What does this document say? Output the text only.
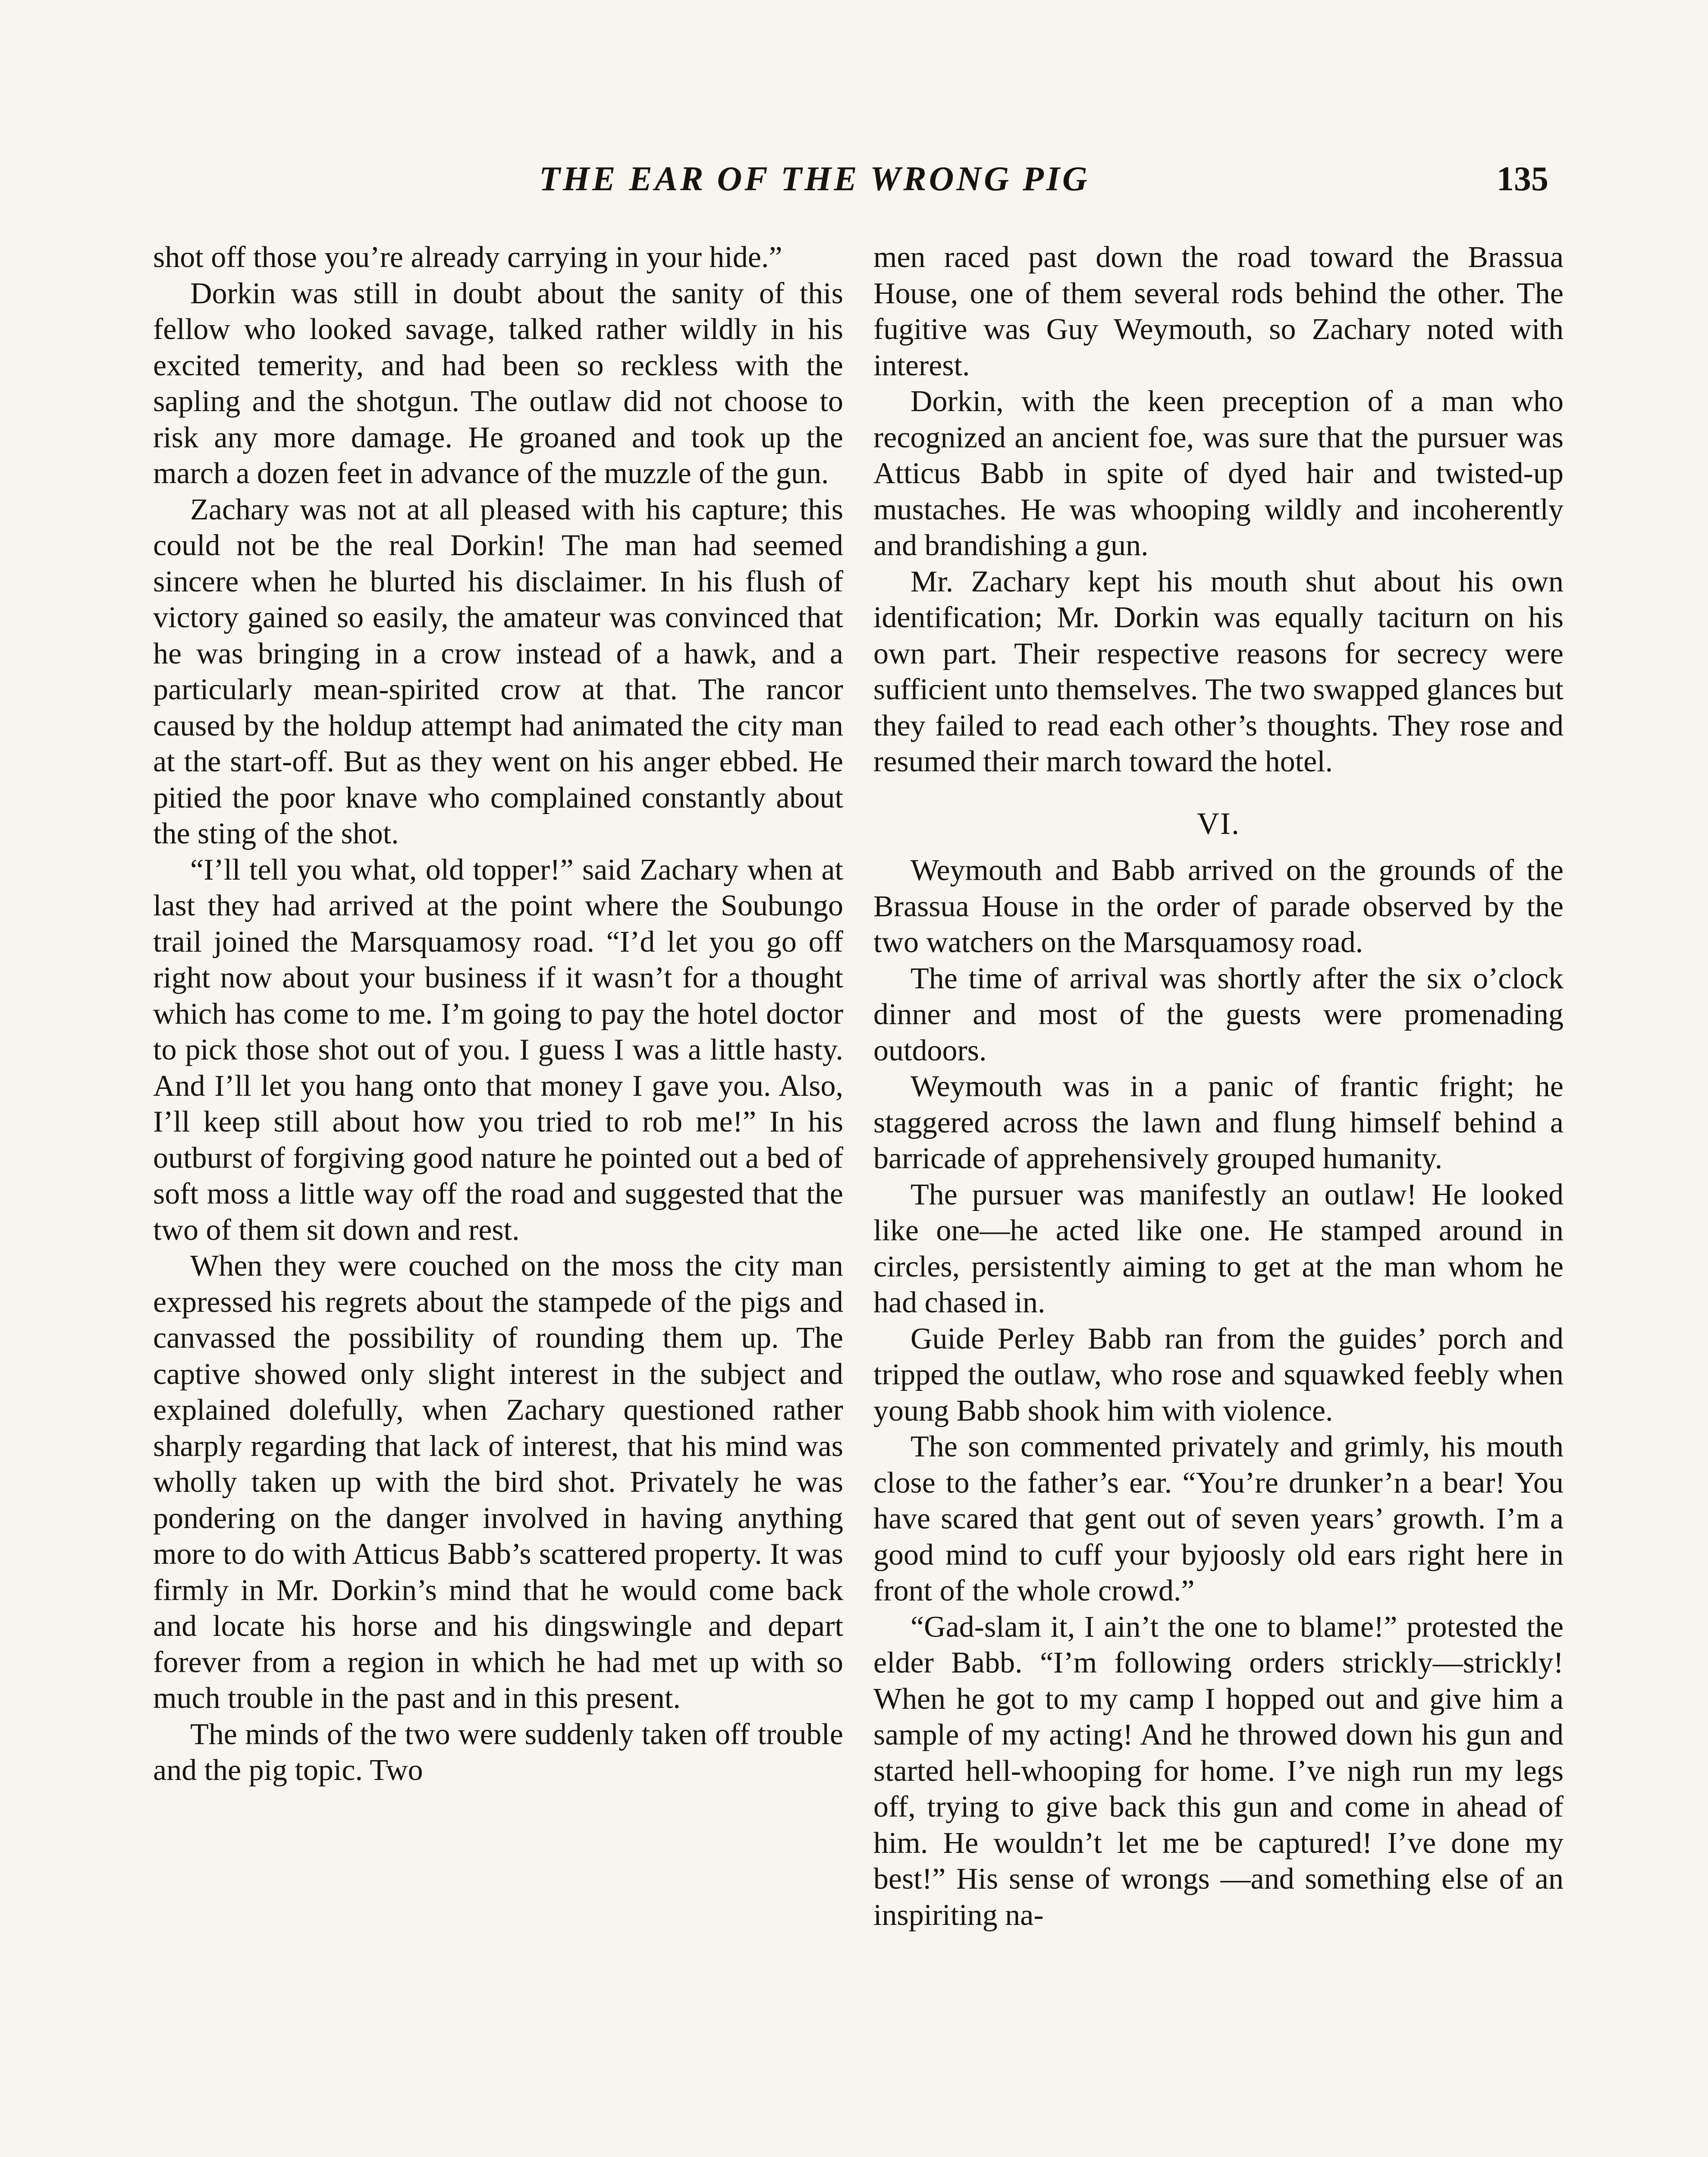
THE EAR OF THE WRONG PIG	135

shot off those you’re already carrying in your hide.”

Dorkin was still in doubt about the sanity of this fellow who looked savage, talked rather wildly in his excited temerity, and had been so reckless with the sapling and the shotgun. The outlaw did not choose to risk any more damage. He groaned and took up the march a dozen feet in advance of the muzzle of the gun.

Zachary was not at all pleased with his capture; this could not be the real Dorkin! The man had seemed sincere when he blurted his disclaimer. In his flush of victory gained so easily, the amateur was convinced that he was bringing in a crow instead of a hawk, and a particularly mean-spirited crow at that. The rancor caused by the holdup attempt had animated the city man at the start-off. But as they went on his anger ebbed. He pitied the poor knave who complained constantly about the sting of the shot.

“I’ll tell you what, old topper!” said Zachary when at last they had arrived at the point where the Soubungo trail joined the Marsquamosy road. “I’d let you go off right now about your business if it wasn’t for a thought which has come to me. I’m going to pay the hotel doctor to pick those shot out of you. I guess I was a little hasty. And I’ll let you hang onto that money I gave you. Also, I’ll keep still about how you tried to rob me!” In his outburst of forgiving good nature he pointed out a bed of soft moss a little way off the road and suggested that the two of them sit down and rest.

When they were couched on the moss the city man expressed his regrets about the stampede of the pigs and canvassed the possibility of rounding them up. The captive showed only slight interest in the subject and explained dolefully, when Zachary questioned rather sharply regarding that lack of interest, that his mind was wholly taken up with the bird shot. Privately he was pondering on the danger involved in having anything more to do with Atticus Babb’s scattered property. It was firmly in Mr. Dorkin’s mind that he would come back and locate his horse and his dingswingle and depart forever from a region in which he had met up with so much trouble in the past and in this present.

The minds of the two were suddenly taken off trouble and the pig topic. Two

men raced past down the road toward the Brassua House, one of them several rods behind the other. The fugitive was Guy Weymouth, so Zachary noted with interest.

Dorkin, with the keen preception of a man who recognized an ancient foe, was sure that the pursuer was Atticus Babb in spite of dyed hair and twisted-up mustaches. He was whooping wildly and incoherently and brandishing a gun.

Mr. Zachary kept his mouth shut about his own identification; Mr. Dorkin was equally taciturn on his own part. Their respective reasons for secrecy were sufficient unto themselves. The two swapped glances but they failed to read each other’s thoughts. They rose and resumed their march toward the hotel.

VI.

Weymouth and Babb arrived on the grounds of the Brassua House in the order of parade observed by the two watchers on the Marsquamosy road.

The time of arrival was shortly after the six o’clock dinner and most of the guests were promenading outdoors.

Weymouth was in a panic of frantic fright; he staggered across the lawn and flung himself behind a barricade of apprehensively grouped humanity.

The pursuer was manifestly an outlaw! He looked like one—he acted like one. He stamped around in circles, persistently aiming to get at the man whom he had chased in.

Guide Perley Babb ran from the guides’ porch and tripped the outlaw, who rose and squawked feebly when young Babb shook him with violence.

The son commented privately and grimly, his mouth close to the father’s ear. “You’re drunker’n a bear! You have scared that gent out of seven years’ growth. I’m a good mind to cuff your byjoosly old ears right here in front of the whole crowd.”

“Gad-slam it, I ain’t the one to blame!” protested the elder Babb. “I’m following orders strickly—strickly! When he got to my camp I hopped out and give him a sample of my acting! And he throwed down his gun and started hell-whooping for home. I’ve nigh run my legs off, trying to give back this gun and come in ahead of him. He wouldn’t let me be captured! I’ve done my best!” His sense of wrongs —and something else of an inspiriting na-
